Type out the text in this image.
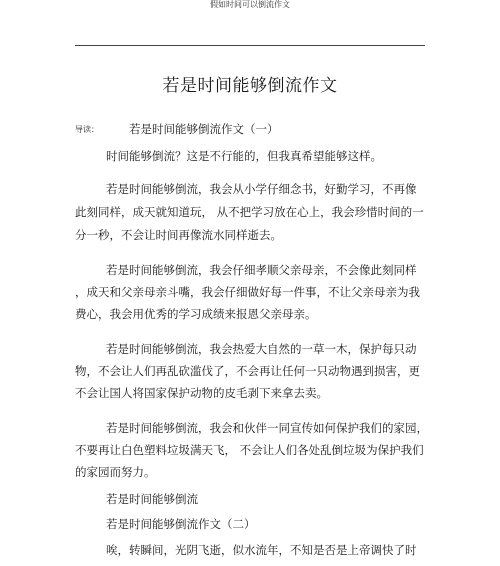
假如时间可以倒流作文
若是时间能够倒流作文
导读：	若是时间能够倒流作文（一）
时间能够倒流？这是不行能的，但我真希望能够这样。
若是时间能够倒流，我会从小学仔细念书，好勤学习，不再像
此刻同样，成天就知道玩， 从不把学习放在心上，我会珍惜时间的一
分一秒，不会让时间再像流水同样逝去。
若是时间能够倒流，我会仔细孝顺父亲母亲，不会像此刻同样
，成天和父亲母亲斗嘴，我会仔细做好每一件事，不让父亲母亲为我
费心，我会用优秀的学习成绩来报恩父亲母亲。
若是时间能够倒流，我会热爱大自然的一草一木，保护每只动
物，不会让人们再乱砍滥伐了，不会再让任何一只动物遇到损害，更
不会让国人将国家保护动物的皮毛剥下来拿去卖。
若是时间能够倒流，我会和伙伴一同宣传如何保护我们的家园，
不要再让白色塑料垃圾满天飞， 不会让人们各处乱倒垃圾为保护我们
的家园而努力。
若是时间能够倒流
若是时间能够倒流作文（二）
唉，转瞬间，光阴飞逝，似水流年，不知是否是上帝调快了时
